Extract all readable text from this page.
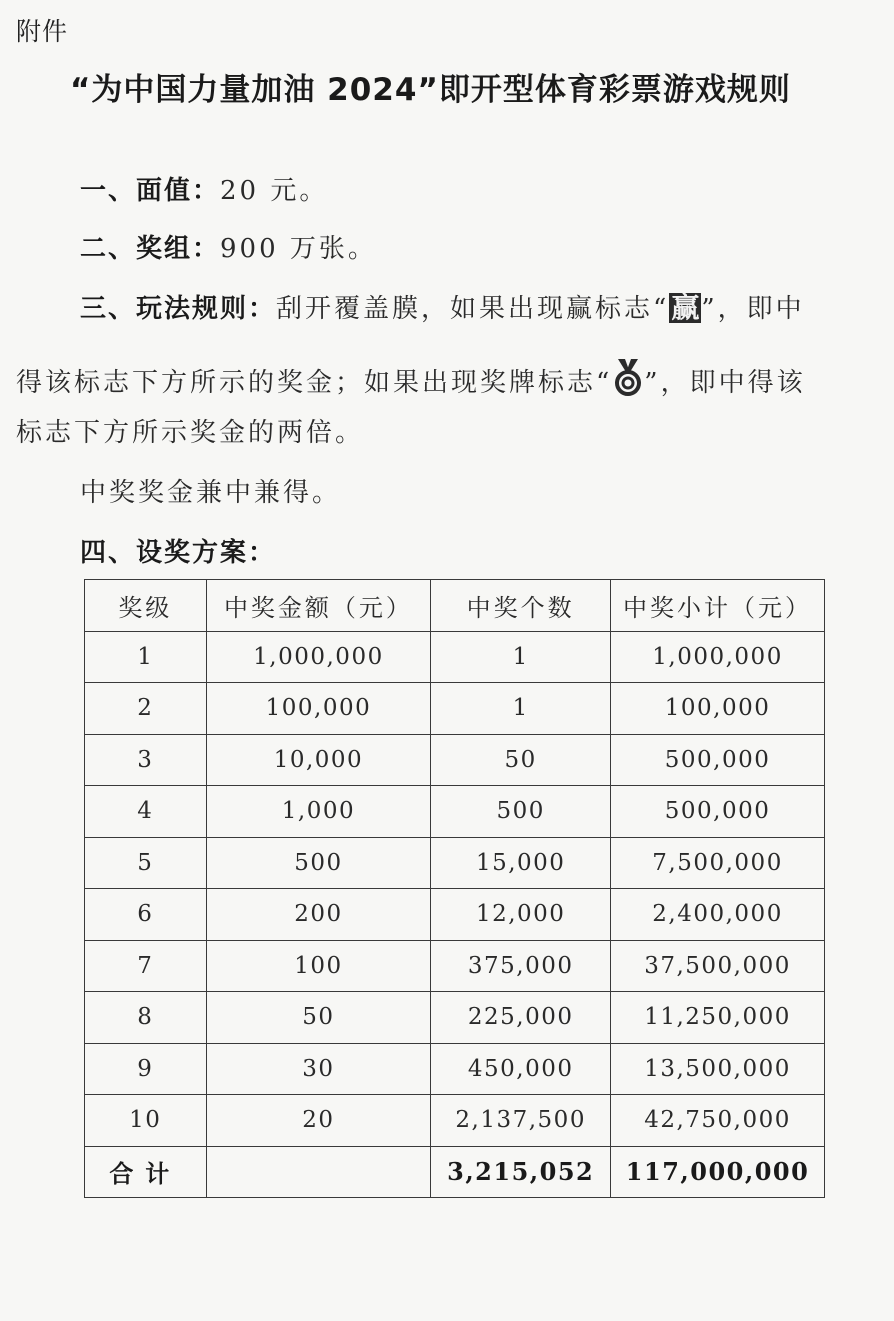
附件
“为中国力量加油 2024”即开型体育彩票游戏规则
一、面值：20 元。
二、奖组：900 万张。
三、玩法规则：刮开覆盖膜，如果出现赢标志“赢”，即中
得该标志下方所示的奖金；如果出现奖牌标志“ ”，即中得该
标志下方所示奖金的两倍。
中奖奖金兼中兼得。
四、设奖方案：
奖级	中奖金额（元）	中奖个数	中奖小计（元）
1	1,000,000	1	1,000,000
2	100,000	1	100,000
3	10,000	50	500,000
4	1,000	500	500,000
5	500	15,000	7,500,000
6	200	12,000	2,400,000
7	100	375,000	37,500,000
8	50	225,000	11,250,000
9	30	450,000	13,500,000
10	20	2,137,500	42,750,000
合计		3,215,052	117,000,000
